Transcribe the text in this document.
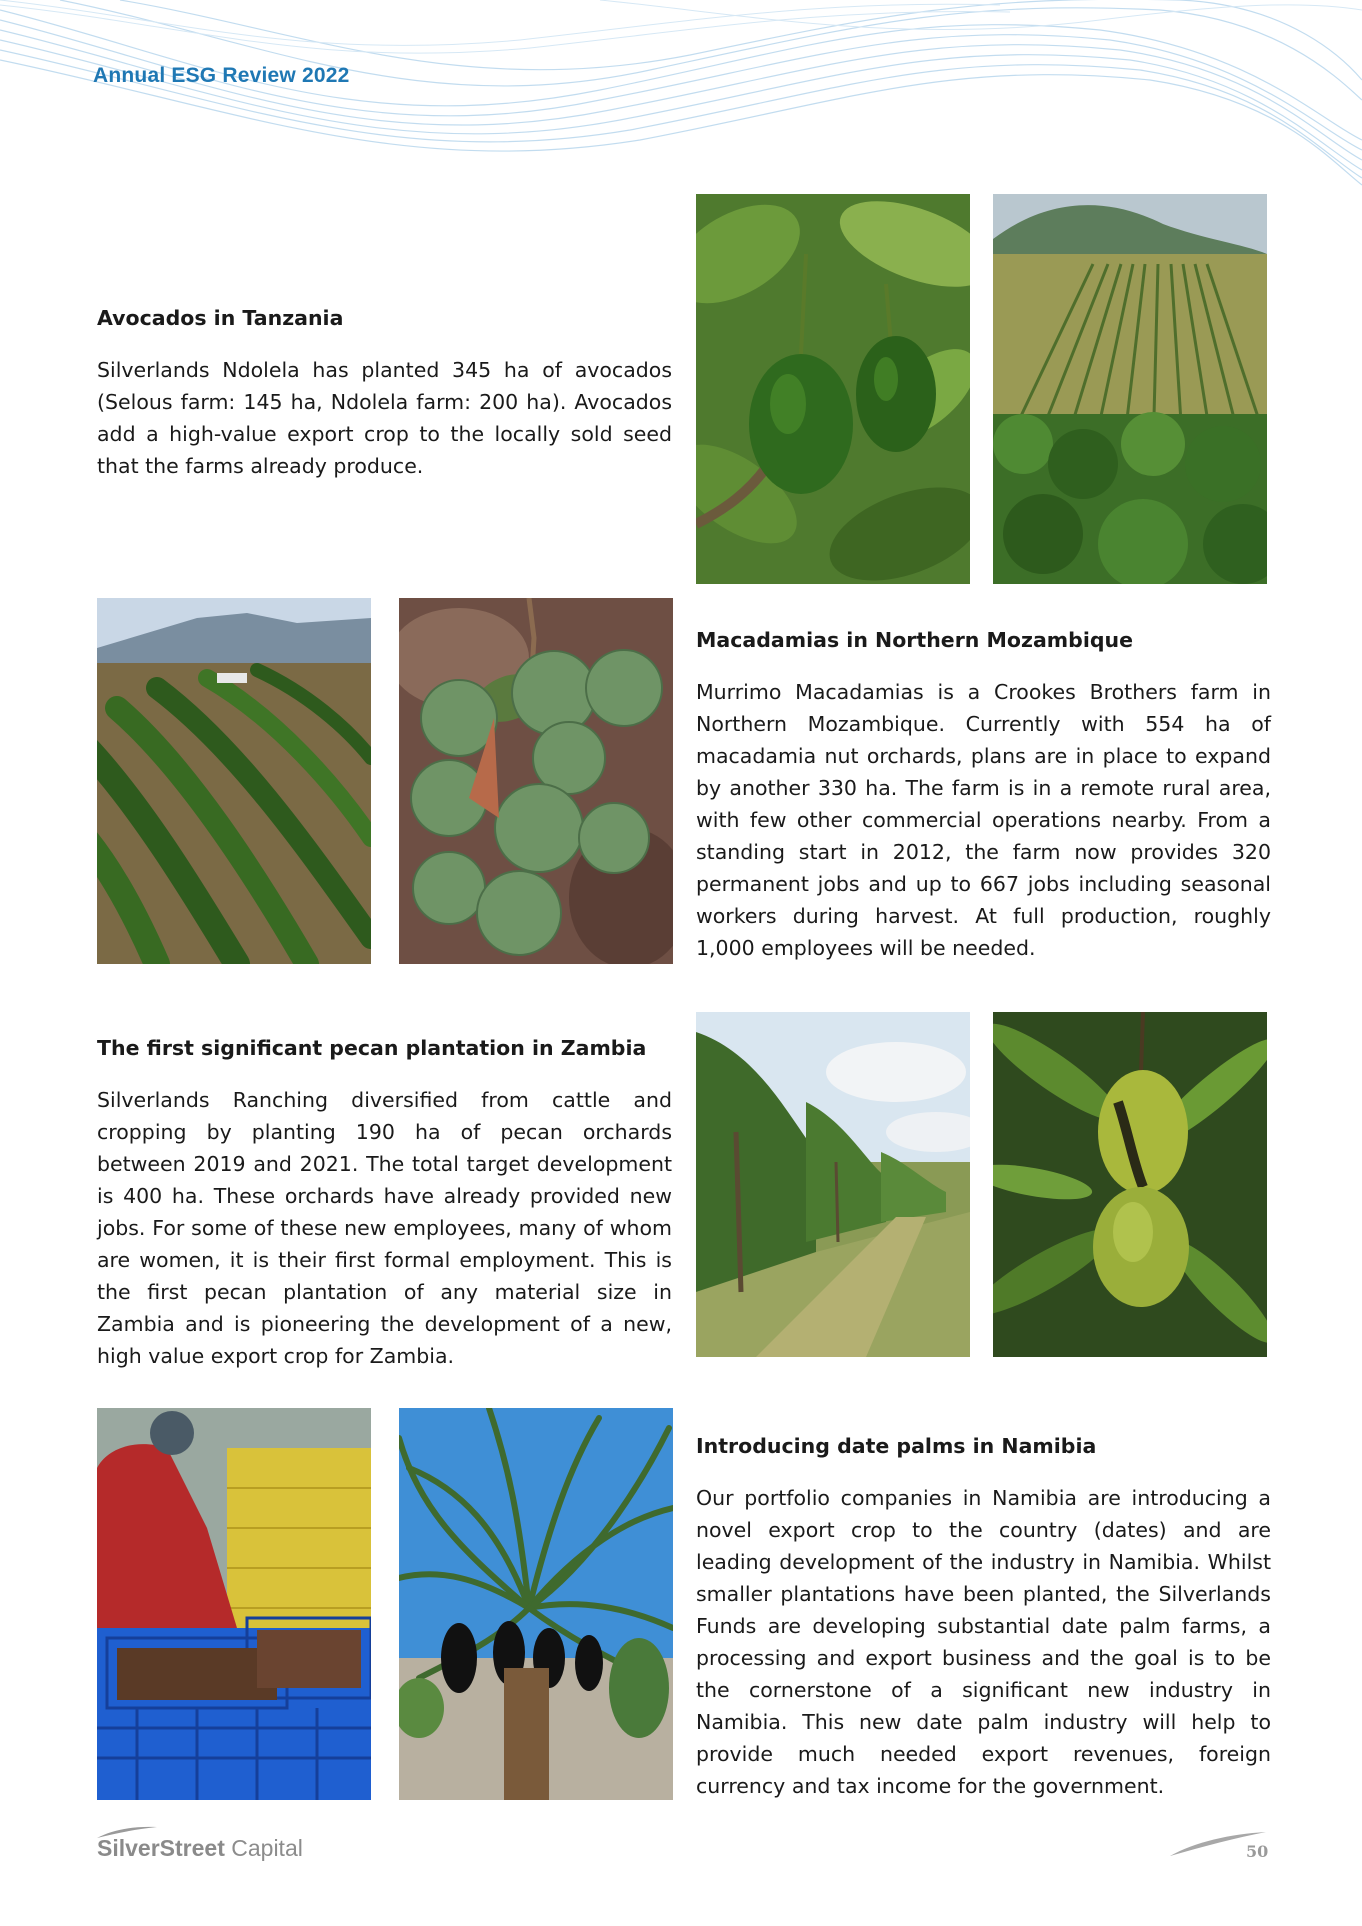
Annual ESG Review 2022
Avocados in Tanzania

Silverlands Ndolela has planted 345 ha of avocados (Selous farm: 145 ha, Ndolela farm: 200 ha). Avocados add a high-value export crop to the locally sold seed that the farms already produce.

Macadamias in Northern Mozambique

Murrimo Macadamias is a Crookes Brothers farm in Northern Mozambique. Currently with 554 ha of macadamia nut orchards, plans are in place to expand by another 330 ha. The farm is in a remote rural area, with few other commercial operations nearby. From a standing start in 2012, the farm now provides 320 permanent jobs and up to 667 jobs including seasonal workers during harvest. At full production, roughly 1,000 employees will be needed.

The first significant pecan plantation in Zambia

Silverlands Ranching diversified from cattle and cropping by planting 190 ha of pecan orchards between 2019 and 2021. The total target development is 400 ha. These orchards have already provided new jobs. For some of these new employees, many of whom are women, it is their first formal employment. This is the first pecan plantation of any material size in Zambia and is pioneering the development of a new, high value export crop for Zambia.

Introducing date palms in Namibia

Our portfolio companies in Namibia are introducing a novel export crop to the country (dates) and are leading development of the industry in Namibia. Whilst smaller plantations have been planted, the Silverlands Funds are developing substantial date palm farms, a processing and export business and the goal is to be the cornerstone of a significant new industry in Namibia. This new date palm industry will help to provide much needed export revenues, foreign currency and tax income for the government.

SilverStreet Capital	50
